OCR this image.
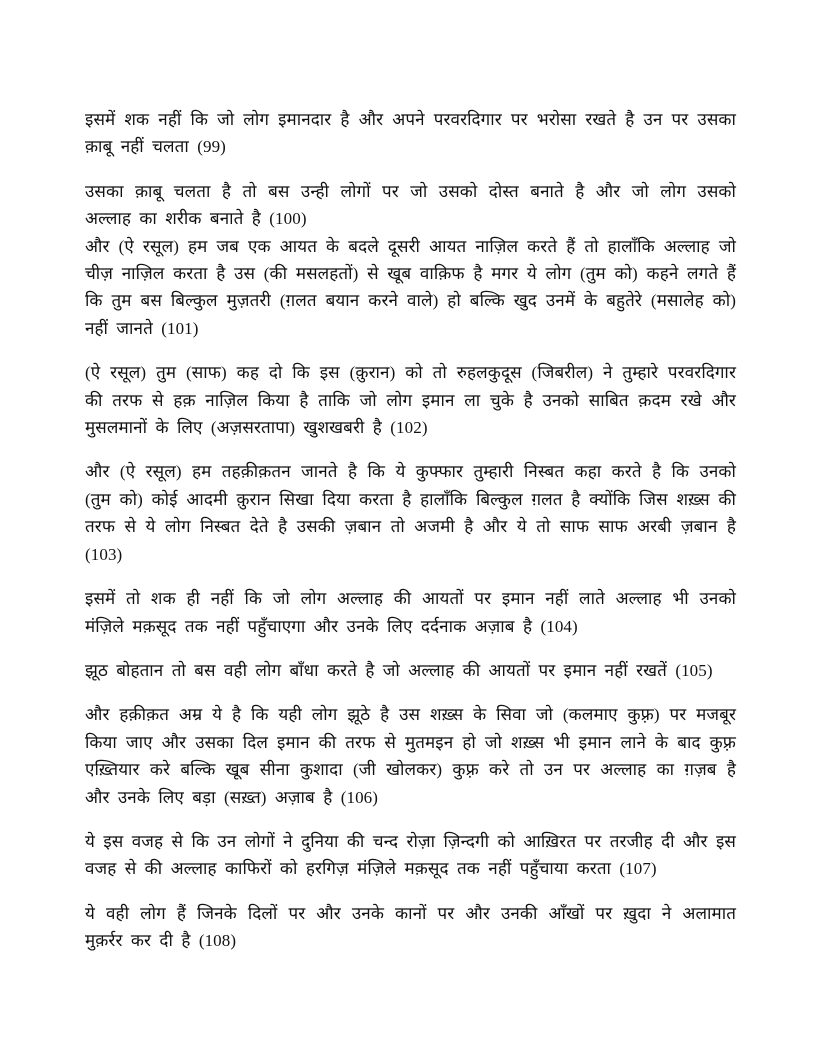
इसमें शक नहीं कि जो लोग इमानदार है और अपने परवरदिगार पर भरोसा रखते है उन पर उसका क़ाबू नहीं चलता (99)

उसका क़ाबू चलता है तो बस उन्ही लोगों पर जो उसको दोस्त बनाते है और जो लोग उसको अल्लाह का शरीक बनाते है (100)

और (ऐ रसूल) हम जब एक आयत के बदले दूसरी आयत नाज़िल करते हैं तो हालाँकि अल्लाह जो चीज़ नाज़िल करता है उस (की मसलहतों) से खूब वाक़िफ है मगर ये लोग (तुम को) कहने लगते हैं कि तुम बस बिल्कुल मुज़तरी (ग़लत बयान करने वाले) हो बल्कि खुद उनमें के बहुतेरे (मसालेह को) नहीं जानते (101)

(ऐ रसूल) तुम (साफ) कह दो कि इस (क़ुरान) को तो रुहलकुदूस (जिबरील) ने तुम्हारे परवरदिगार की तरफ से हक़ नाज़िल किया है ताकि जो लोग इमान ला चुके है उनको साबित क़दम रखे और मुसलमानों के लिए (अज़सरतापा) खुशखबरी है (102)

और (ऐ रसूल) हम तहक़ीक़तन जानते है कि ये कुफ्फार तुम्हारी निस्बत कहा करते है कि उनको (तुम को) कोई आदमी क़ुरान सिखा दिया करता है हालाँकि बिल्कुल ग़लत है क्योंकि जिस शख़्स की तरफ से ये लोग निस्बत देते है उसकी ज़बान तो अजमी है और ये तो साफ साफ अरबी ज़बान है (103)

इसमें तो शक ही नहीं कि जो लोग अल्लाह की आयतों पर इमान नहीं लाते अल्लाह भी उनको मंज़िले मक़सूद तक नहीं पहुँचाएगा और उनके लिए दर्दनाक अज़ाब है (104)

झूठ बोहतान तो बस वही लोग बाँधा करते है जो अल्लाह की आयतों पर इमान नहीं रखतें (105)

और हक़ीक़त अम्र ये है कि यही लोग झूठे है उस शख़्स के सिवा जो (कलमाए कुफ़्र) पर मजबूर किया जाए और उसका दिल इमान की तरफ से मुतमइन हो जो शख़्स भी इमान लाने के बाद कुफ़्र एख़्तियार करे बल्कि खूब सीना कुशादा (जी खोलकर) कुफ़्र करे तो उन पर अल्लाह का ग़ज़ब है और उनके लिए बड़ा (सख़्त) अज़ाब है (106)

ये इस वजह से कि उन लोगों ने दुनिया की चन्द रोज़ा ज़िन्दगी को आख़िरत पर तरजीह दी और इस वजह से की अल्लाह काफिरों को हरगिज़ मंज़िले मक़सूद तक नहीं पहुँचाया करता (107)

ये वही लोग हैं जिनके दिलों पर और उनके कानों पर और उनकी आँखों पर ख़ुदा ने अलामात मुक़र्रर कर दी है (108)
